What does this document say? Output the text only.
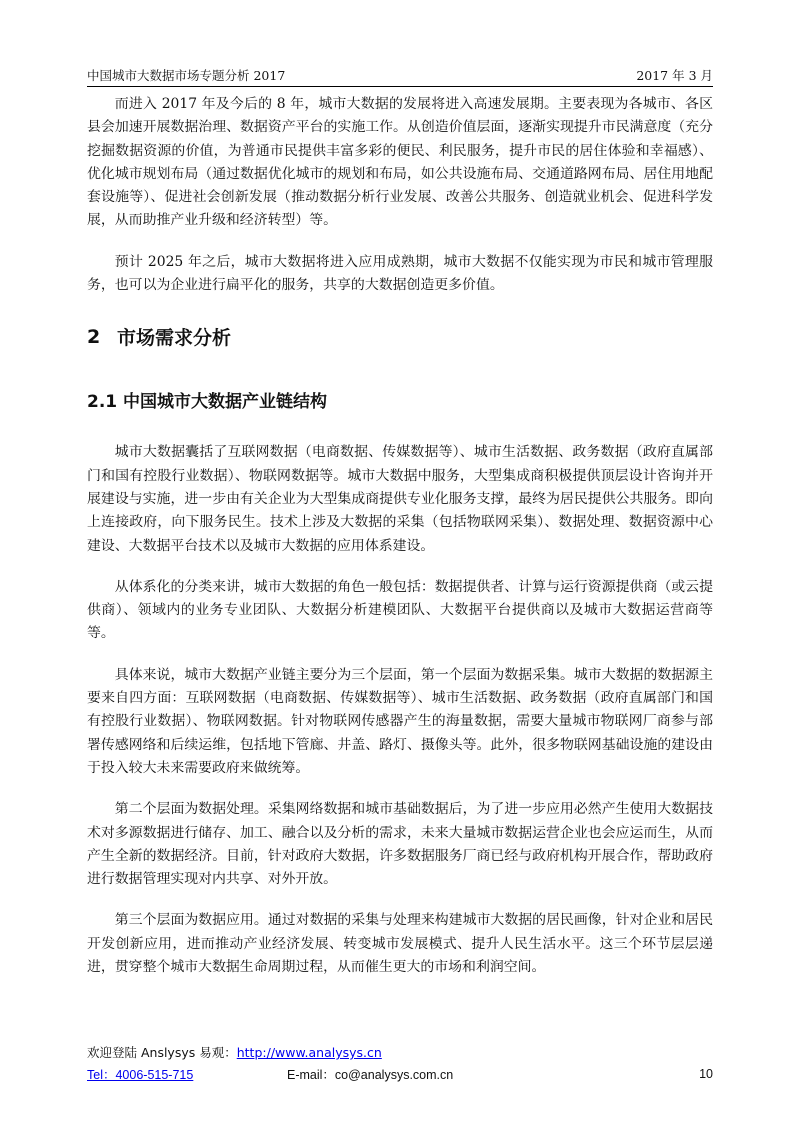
中国城市大数据市场专题分析 2017	2017 年 3 月

而进入 2017 年及今后的 8 年，城市大数据的发展将进入高速发展期。主要表现为各城市、各区县会加速开展数据治理、数据资产平台的实施工作。从创造价值层面，逐渐实现提升市民满意度（充分挖掘数据资源的价值，为普通市民提供丰富多彩的便民、利民服务，提升市民的居住体验和幸福感）、优化城市规划布局（通过数据优化城市的规划和布局，如公共设施布局、交通道路网布局、居住用地配套设施等）、促进社会创新发展（推动数据分析行业发展、改善公共服务、创造就业机会、促进科学发展，从而助推产业升级和经济转型）等。

预计 2025 年之后，城市大数据将进入应用成熟期，城市大数据不仅能实现为市民和城市管理服务，也可以为企业进行扁平化的服务，共享的大数据创造更多价值。

2 市场需求分析
2.1 中国城市大数据产业链结构

城市大数据囊括了互联网数据（电商数据、传媒数据等）、城市生活数据、政务数据（政府直属部门和国有控股行业数据）、物联网数据等。城市大数据中服务，大型集成商积极提供顶层设计咨询并开展建设与实施，进一步由有关企业为大型集成商提供专业化服务支撑，最终为居民提供公共服务。即向上连接政府，向下服务民生。技术上涉及大数据的采集（包括物联网采集）、数据处理、数据资源中心建设、大数据平台技术以及城市大数据的应用体系建设。

从体系化的分类来讲，城市大数据的角色一般包括：数据提供者、计算与运行资源提供商（或云提供商）、领域内的业务专业团队、大数据分析建模团队、大数据平台提供商以及城市大数据运营商等等。

具体来说，城市大数据产业链主要分为三个层面，第一个层面为数据采集。城市大数据的数据源主要来自四方面：互联网数据（电商数据、传媒数据等）、城市生活数据、政务数据（政府直属部门和国有控股行业数据）、物联网数据。针对物联网传感器产生的海量数据，需要大量城市物联网厂商参与部署传感网络和后续运维，包括地下管廊、井盖、路灯、摄像头等。此外，很多物联网基础设施的建设由于投入较大未来需要政府来做统筹。

第二个层面为数据处理。采集网络数据和城市基础数据后，为了进一步应用必然产生使用大数据技术对多源数据进行储存、加工、融合以及分析的需求，未来大量城市数据运营企业也会应运而生，从而产生全新的数据经济。目前，针对政府大数据，许多数据服务厂商已经与政府机构开展合作，帮助政府进行数据管理实现对内共享、对外开放。

第三个层面为数据应用。通过对数据的采集与处理来构建城市大数据的居民画像，针对企业和居民开发创新应用，进而推动产业经济发展、转变城市发展模式、提升人民生活水平。这三个环节层层递进，贯穿整个城市大数据生命周期过程，从而催生更大的市场和利润空间。

欢迎登陆 Anslysys 易观：http://www.analysys.cn
Tel：4006-515-715	E-mail：co@analysys.com.cn	10
